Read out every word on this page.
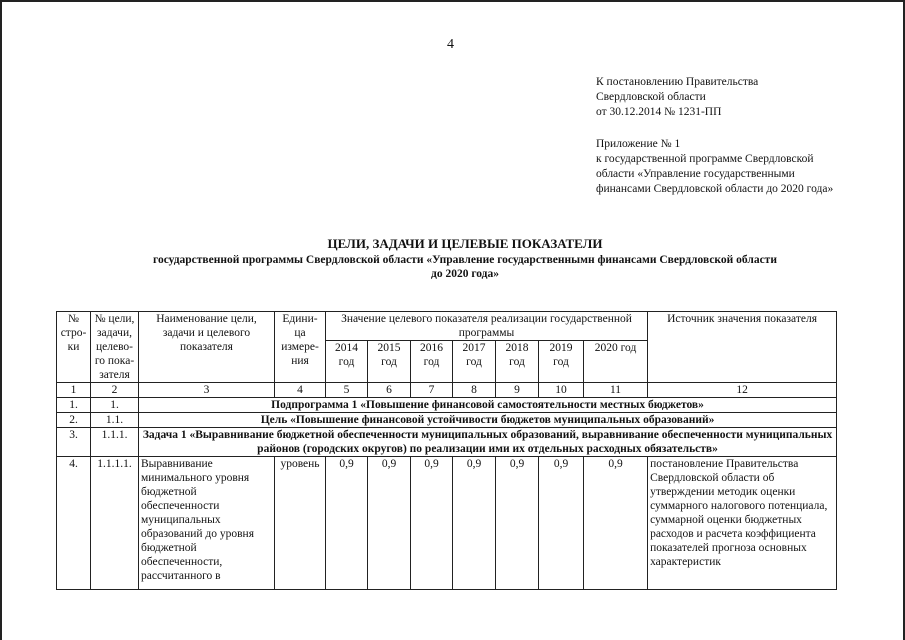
4
К постановлению Правительства
Свердловской области
от 30.12.2014 № 1231-ПП
Приложение № 1
к государственной программе Свердловской области «Управление государственными финансами Свердловской области до 2020 года»
ЦЕЛИ, ЗАДАЧИ И ЦЕЛЕВЫЕ ПОКАЗАТЕЛИ
государственной программы Свердловской области «Управление государственнымн финансами Свердловской области до 2020 года»
№ стро-ки	№ цели, задачи, целево-го пока-зателя	Наименование цели, задачи и целевого показателя	Едини-ца измере-ния	Значение целевого показателя реализации государственной программы							Источник значения показателя
				2014 год	2015 год	2016 год	2017 год	2018 год	2019 год	2020 год	
1	2	3	4	5	6	7	8	9	10	11	12
1.	1.	Подпрограмма 1 «Повышение финансовой самостоятельности местных бюджетов»									
2.	1.1.	Цель «Повышение финансовой устойчивости бюджетов муниципальных образований»									
3.	1.1.1.	Задача 1 «Выравнивание бюджетной обеспеченности муниципальных образований, выравнивание обеспеченности муниципальных районов (городских округов) по реализации ими их отдельных расходных обязательств»									
4.	1.1.1.1.	Выравнивание минимального уровня бюджетной обеспеченности муниципальных образований до уровня бюджетной обеспеченности, рассчитанного в	уровень	0,9	0,9	0,9	0,9	0,9	0,9	0,9	постановление Правительства Свердловской области об утверждении методик оценки суммарного налогового потенциала, суммарной оценки бюджетных расходов и расчета коэффициента показателей прогноза основных характеристик
